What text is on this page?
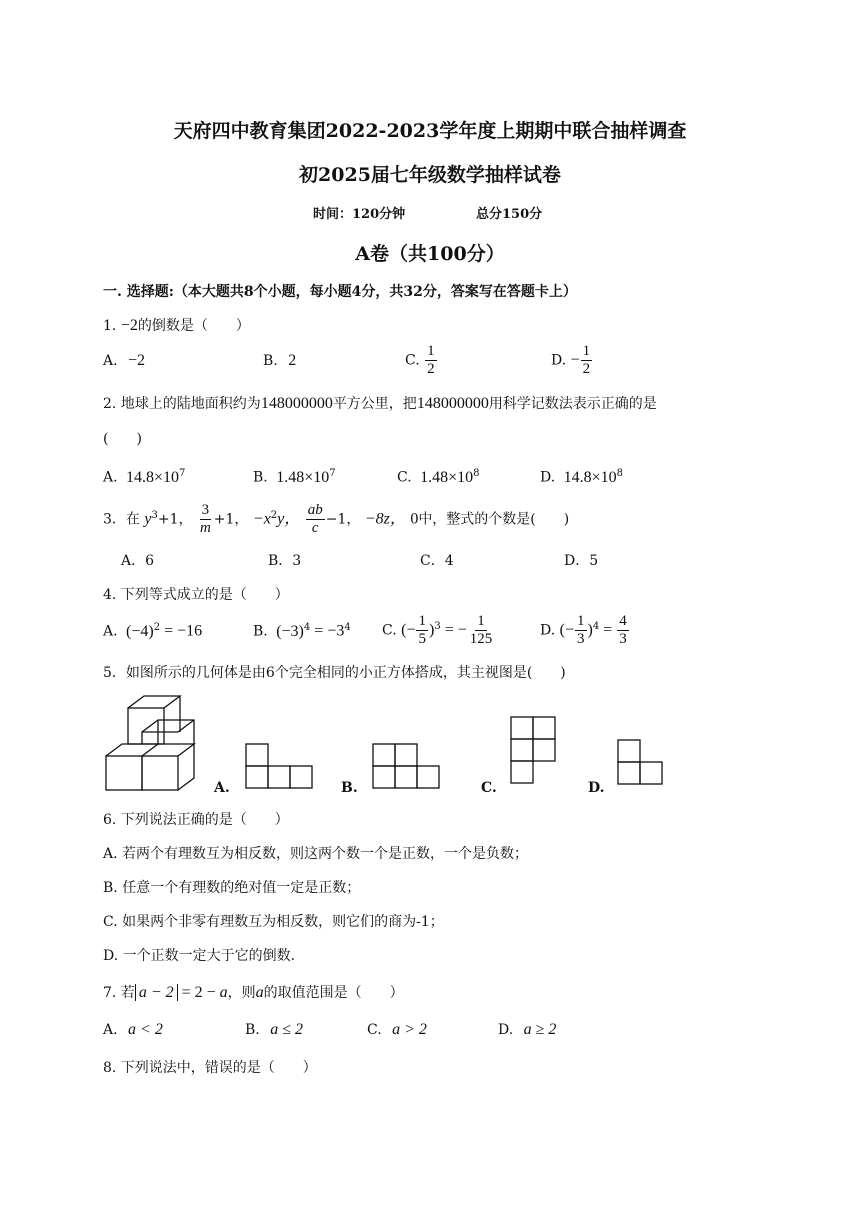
天府四中教育集团2022-2023学年度上期期中联合抽样调查
初2025届七年级数学抽样试卷
时间：120分钟	总分150分
A卷（共100分）
一. 选择题:（本大题共8个小题，每小题4分，共32分，答案写在答题卡上）
1. −2的倒数是（　　）
A. −2	B. 2	C. $\frac{1}{2}$	D. − $\frac{1}{2}$
2. 地球上的陆地面积约为148000000平方公里，把148000000用科学记数法表示正确的是
(　　)
A. $14.8\times 10^7$	B. $1.48\times 10^7$	C. $1.48\times 10^8$	D. $14.8\times 10^8$
3．在 $y^3+1$， $\frac{3}{m} +1$， $-x^2y$， $\frac{ab}{c} -1$， −8z， 0中，整式的个数是(　　)
A．6	B．3	C．4	D．5
4. 下列等式成立的是（　　）
A. $(-4)^2 = -16$	B. $(-3)^4 = -3^4$ C. (− $\frac{1}{5} )^3$ = − $\frac{1}{125}$	D. (− $\frac{1}{3} )^4 = \frac{4}{3}$
5．如图所示的几何体是由6个完全相同的小正方体搭成，其主视图是(　　)
A.	B.	C.	D.
6. 下列说法正确的是（　　）
A. 若两个有理数互为相反数，则这两个数一个是正数，一个是负数；
B. 任意一个有理数的绝对值一定是正数；
C. 如果两个非零有理数互为相反数，则它们的商为-1；
D. 一个正数一定大于它的倒数.
7. 若 a − 2 = 2 − a，则a的取值范围是（　　）
A. a < 2	B. a ≤ 2	C. a > 2	D. a ≥ 2
8. 下列说法中，错误的是（　　）
